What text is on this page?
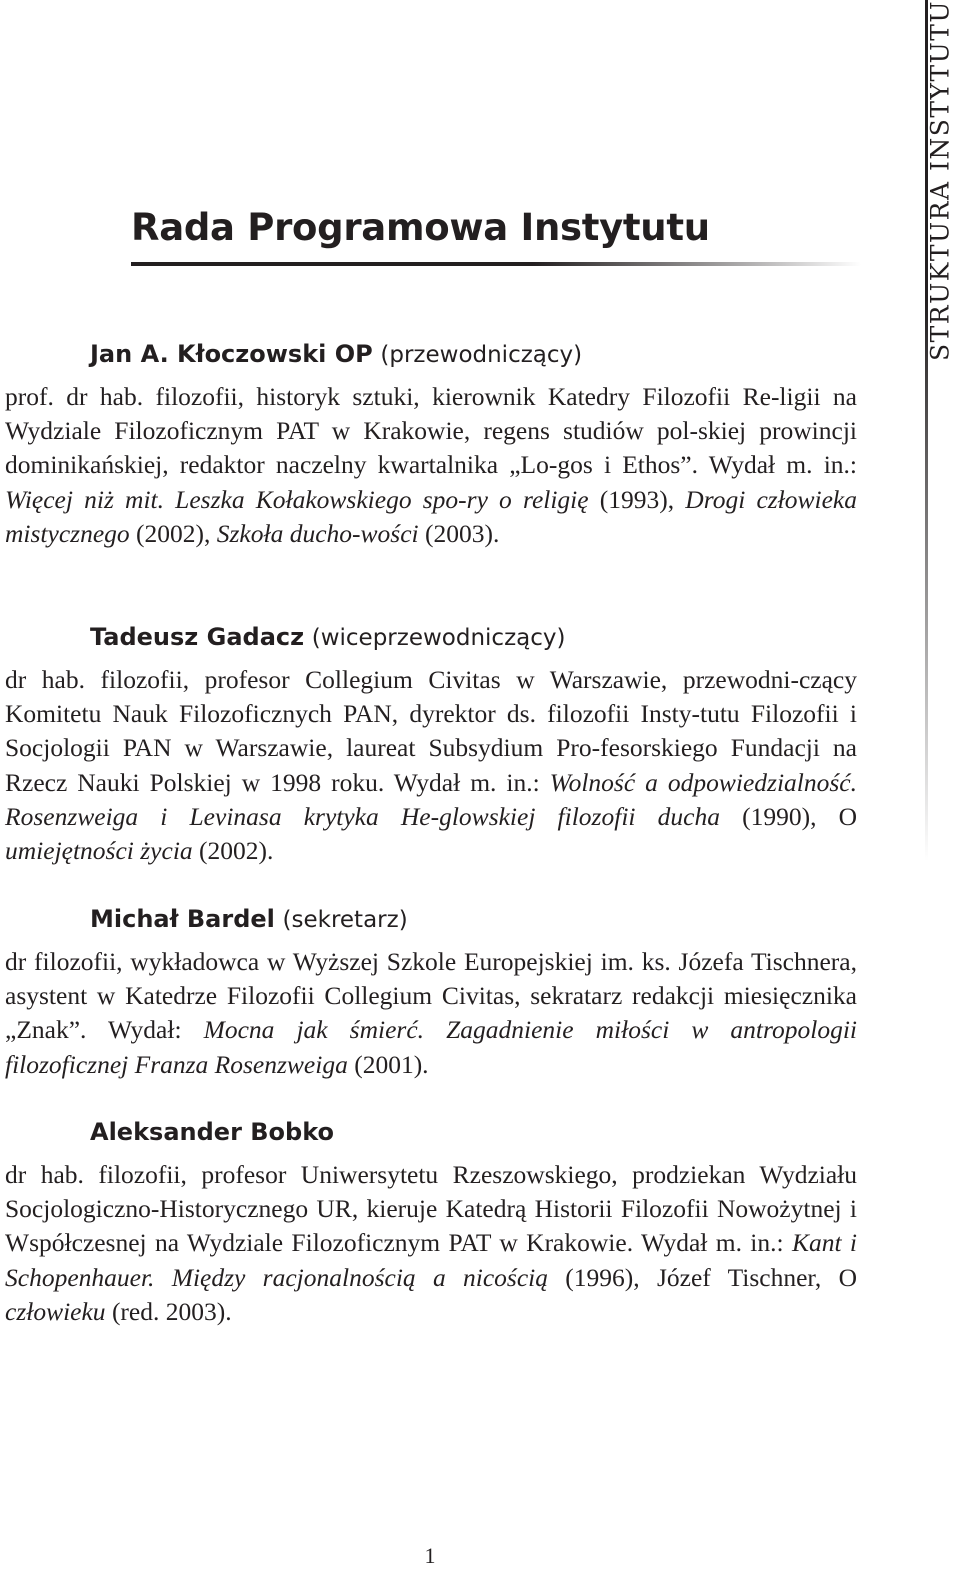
Rada Programowa Instytutu	STRUKTURA INSTYTUTU
Jan A. Kłoczowski OP (przewodniczący)

prof. dr hab. filozofii, historyk sztuki, kierownik Katedry Filozofii Re-ligii na Wydziale Filozoficznym PAT w Krakowie, regens studiów pol-skiej prowincji dominikańskiej, redaktor naczelny kwartalnika „Lo-gos i Ethos”. Wydał m. in.: Więcej niż mit. Leszka Kołakowskiego spo-ry o religię (1993), Drogi człowieka mistycznego (2002), Szkoła ducho-wości (2003).

Tadeusz Gadacz (wiceprzewodniczący)

dr hab. filozofii, profesor Collegium Civitas w Warszawie, przewodni-czący Komitetu Nauk Filozoficznych PAN, dyrektor ds. filozofii Insty-tutu Filozofii i Socjologii PAN w Warszawie, laureat Subsydium Pro-fesorskiego Fundacji na Rzecz Nauki Polskiej w 1998 roku. Wydał m. in.: Wolność a odpowiedzialność. Rosenzweiga i Levinasa krytyka He-glowskiej filozofii ducha (1990), O umiejętności życia (2002).

Michał Bardel (sekretarz)

dr filozofii, wykładowca w Wyższej Szkole Europejskiej im. ks. Józefa Tischnera, asystent w Katedrze Filozofii Collegium Civitas, sekratarz redakcji miesięcznika „Znak”. Wydał: Mocna jak śmierć. Zagadnienie miłości w antropologii filozoficznej Franza Rosenzweiga (2001).

Aleksander Bobko

dr hab. filozofii, profesor Uniwersytetu Rzeszowskiego, prodziekan Wydziału Socjologiczno-Historycznego UR, kieruje Katedrą Historii Filozofii Nowożytnej i Współczesnej na Wydziale Filozoficznym PAT w Krakowie. Wydał m. in.: Kant i Schopenhauer. Między racjonalnością a nicością (1996), Józef Tischner, O człowieku (red. 2003).

1
